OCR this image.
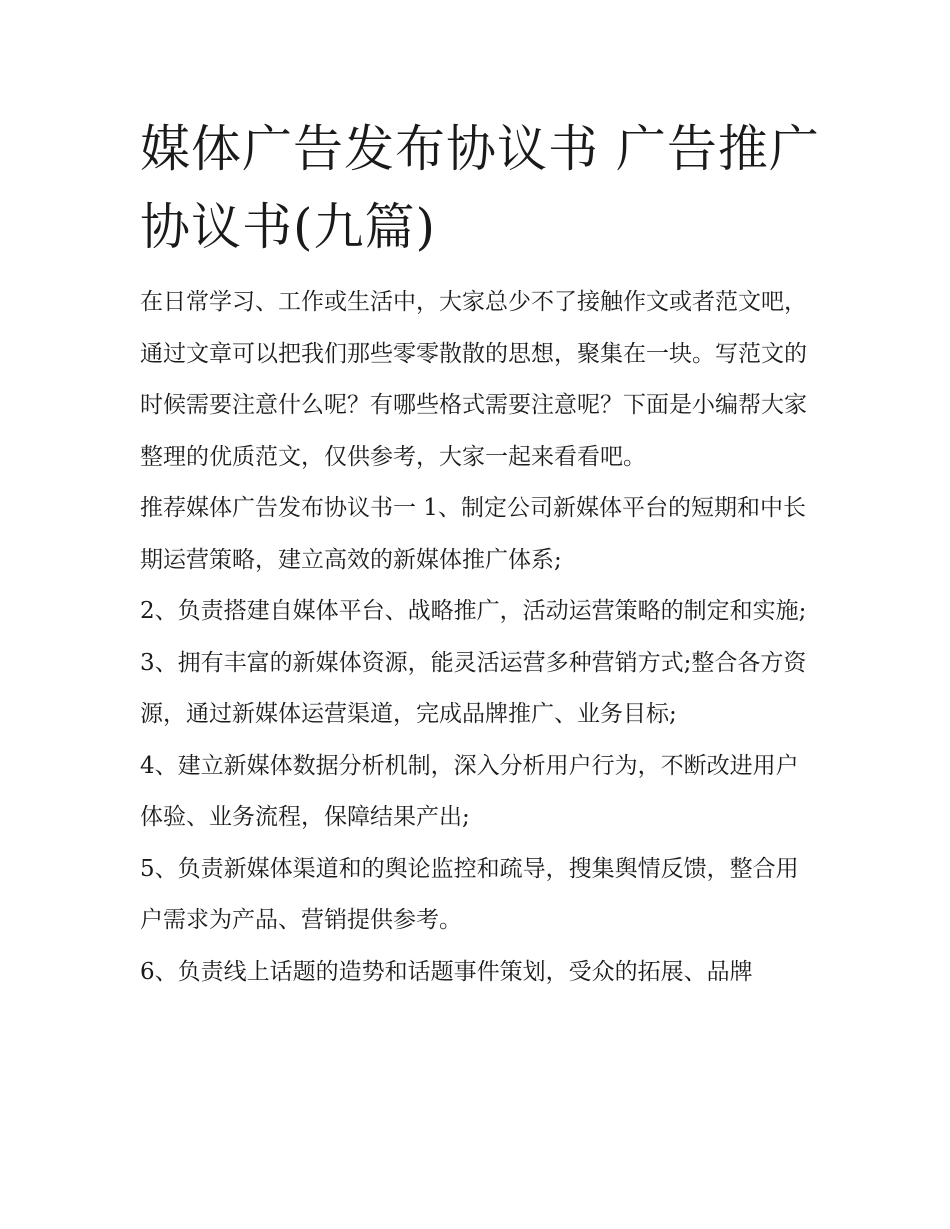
媒体广告发布协议书 广告推广协议书(九篇)

在日常学习、工作或生活中，大家总少不了接触作文或者范文吧，通过文章可以把我们那些零零散散的思想，聚集在一块。写范文的时候需要注意什么呢？有哪些格式需要注意呢？下面是小编帮大家整理的优质范文，仅供参考，大家一起来看看吧。

推荐媒体广告发布协议书一 1、制定公司新媒体平台的短期和中长期运营策略，建立高效的新媒体推广体系;

2、负责搭建自媒体平台、战略推广，活动运营策略的制定和实施;

3、拥有丰富的新媒体资源，能灵活运营多种营销方式;整合各方资源，通过新媒体运营渠道，完成品牌推广、业务目标;

4、建立新媒体数据分析机制，深入分析用户行为，不断改进用户体验、业务流程，保障结果产出;

5、负责新媒体渠道和的舆论监控和疏导，搜集舆情反馈，整合用户需求为产品、营销提供参考。

6、负责线上话题的造势和话题事件策划，受众的拓展、品牌
